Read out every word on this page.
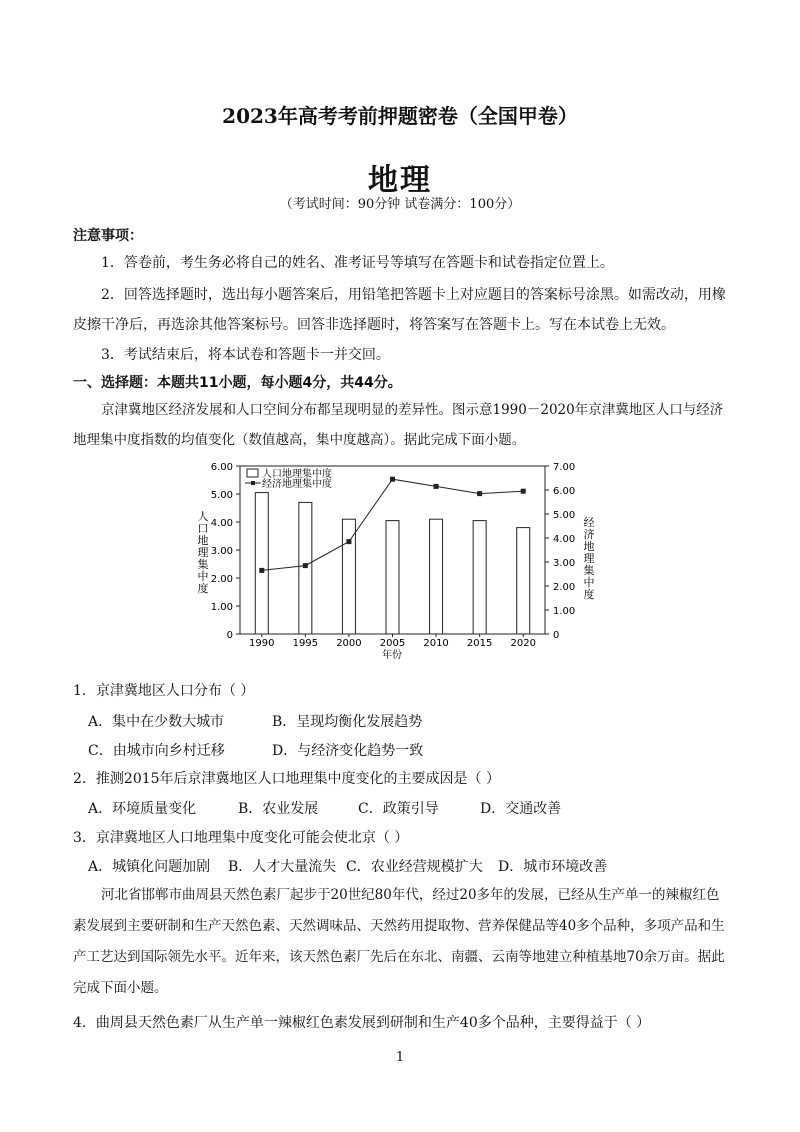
2023年高考考前押题密卷（全国甲卷）
地理
（考试时间：90分钟 试卷满分：100分）
注意事项：
1．答卷前，考生务必将自己的姓名、准考证号等填写在答题卡和试卷指定位置上。
2．回答选择题时，选出每小题答案后，用铅笔把答题卡上对应题目的答案标号涂黑。如需改动，用橡皮擦干净后，再选涂其他答案标号。回答非选择题时，将答案写在答题卡上。写在本试卷上无效。
3．考试结束后，将本试卷和答题卡一并交回。
一、选择题：本题共11小题，每小题4分，共44分。
京津冀地区经济发展和人口空间分布都呈现明显的差异性。图示意1990－2020年京津冀地区人口与经济地理集中度指数的均值变化（数值越高，集中度越高）。据此完成下面小题。
0
1.00
2.00
3.00
4.00
5.00
6.00
0
1.00
2.00
3.00
4.00
5.00
6.00
7.00
1990 1995 2000 2005 2010 2015 2020
人口地理集中度
经济地理集中度
年份
人口地理集中度
经济地理集中度
1．京津冀地区人口分布（ ）
A．集中在少数大城市	B．呈现均衡化发展趋势
C．由城市向乡村迁移	D．与经济变化趋势一致
2．推测2015年后京津冀地区人口地理集中度变化的主要成因是（ ）
A．环境质量变化	B．农业发展	C．政策引导	D．交通改善
3．京津冀地区人口地理集中度变化可能会使北京（ ）
A．城镇化问题加剧 B．人才大量流失 C．农业经营规模扩大 D．城市环境改善
河北省邯郸市曲周县天然色素厂起步于20世纪80年代，经过20多年的发展，已经从生产单一的辣椒红色素发展到主要研制和生产天然色素、天然调味品、天然药用提取物、营养保健品等40多个品种，多项产品和生产工艺达到国际领先水平。近年来，该天然色素厂先后在东北、南疆、云南等地建立种植基地70余万亩。据此完成下面小题。
4．曲周县天然色素厂从生产单一辣椒红色素发展到研制和生产40多个品种，主要得益于（ ）
1
